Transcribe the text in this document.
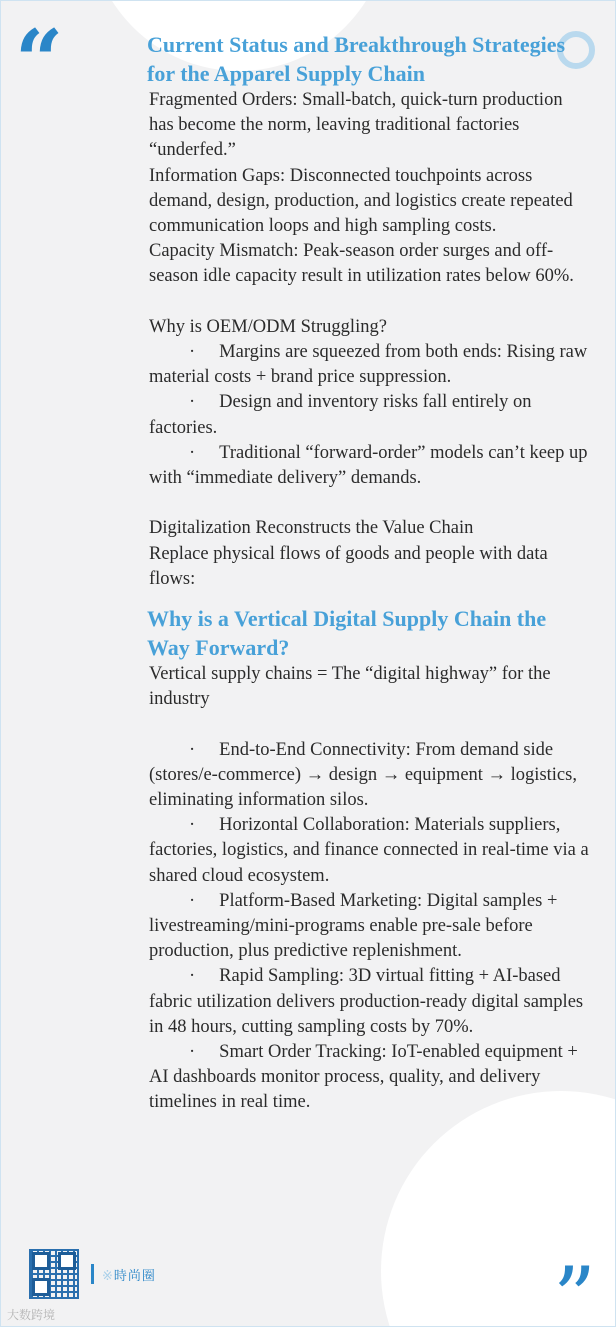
“	Current Status and Breakthrough Strategies for the Apparel Supply Chain

Fragmented Orders: Small-batch, quick-turn production has become the norm, leaving traditional factories “underfed.”

Information Gaps: Disconnected touchpoints across demand, design, production, and logistics create repeated communication loops and high sampling costs.

Capacity Mismatch: Peak-season order surges and off-season idle capacity result in utilization rates below 60%.

Why is OEM/ODM Struggling?

· Margins are squeezed from both ends: Rising raw material costs + brand price suppression.

· Design and inventory risks fall entirely on factories.

· Traditional “forward-order” models can’t keep up with “immediate delivery” demands.

Digitalization Reconstructs the Value Chain

Replace physical flows of goods and people with data flows:

Why is a Vertical Digital Supply Chain the Way Forward?

Vertical supply chains = The “digital highway” for the industry

· End-to-End Connectivity: From demand side (stores/e-commerce) → design → equipment → logistics, eliminating information silos.

· Horizontal Collaboration: Materials suppliers, factories, logistics, and finance connected in real-time via a shared cloud ecosystem.

· Platform-Based Marketing: Digital samples + livestreaming/mini-programs enable pre-sale before production, plus predictive replenishment.

· Rapid Sampling: 3D virtual fitting + AI-based fabric utilization delivers production-ready digital samples in 48 hours, cutting sampling costs by 70%.

· Smart Order Tracking: IoT-enabled equipment + AI dashboards monitor process, quality, and delivery timelines in real time.

※時尚圈	”
大数跨境
